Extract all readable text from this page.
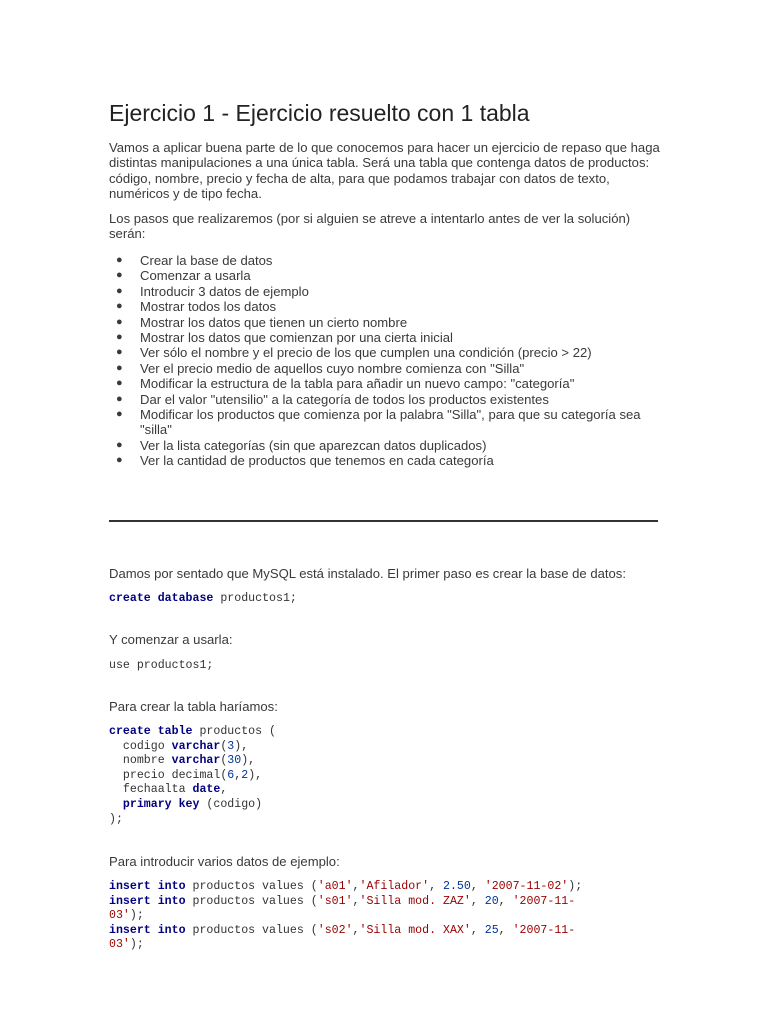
Ejercicio 1 - Ejercicio resuelto con 1 tabla

Vamos a aplicar buena parte de lo que conocemos para hacer un ejercicio de repaso que haga
distintas manipulaciones a una única tabla. Será una tabla que contenga datos de productos:
código, nombre, precio y fecha de alta, para que podamos trabajar con datos de texto,
numéricos y de tipo fecha.

Los pasos que realizaremos (por si alguien se atreve a intentarlo antes de ver la solución)
serán:

● Crear la base de datos
● Comenzar a usarla
● Introducir 3 datos de ejemplo
● Mostrar todos los datos
● Mostrar los datos que tienen un cierto nombre
● Mostrar los datos que comienzan por una cierta inicial
● Ver sólo el nombre y el precio de los que cumplen una condición (precio > 22)
● Ver el precio medio de aquellos cuyo nombre comienza con "Silla"
● Modificar la estructura de la tabla para añadir un nuevo campo: "categoría"
● Dar el valor "utensilio" a la categoría de todos los productos existentes
● Modificar los productos que comienza por la palabra "Silla", para que su categoría sea
"silla"
● Ver la lista categorías (sin que aparezcan datos duplicados)
● Ver la cantidad de productos que tenemos en cada categoría

Damos por sentado que MySQL está instalado. El primer paso es crear la base de datos:

create database productos1;

Y comenzar a usarla:

use productos1;

Para crear la tabla haríamos:

create table productos (
codigo varchar(3),
nombre varchar(30),
precio decimal(6,2),
fechaalta date,
primary key (codigo)
);

Para introducir varios datos de ejemplo:

insert into productos values ('a01','Afilador', 2.50, '2007-11-02');
insert into productos values ('s01','Silla mod. ZAZ', 20, '2007-11-
03');
insert into productos values ('s02','Silla mod. XAX', 25, '2007-11-
03');
